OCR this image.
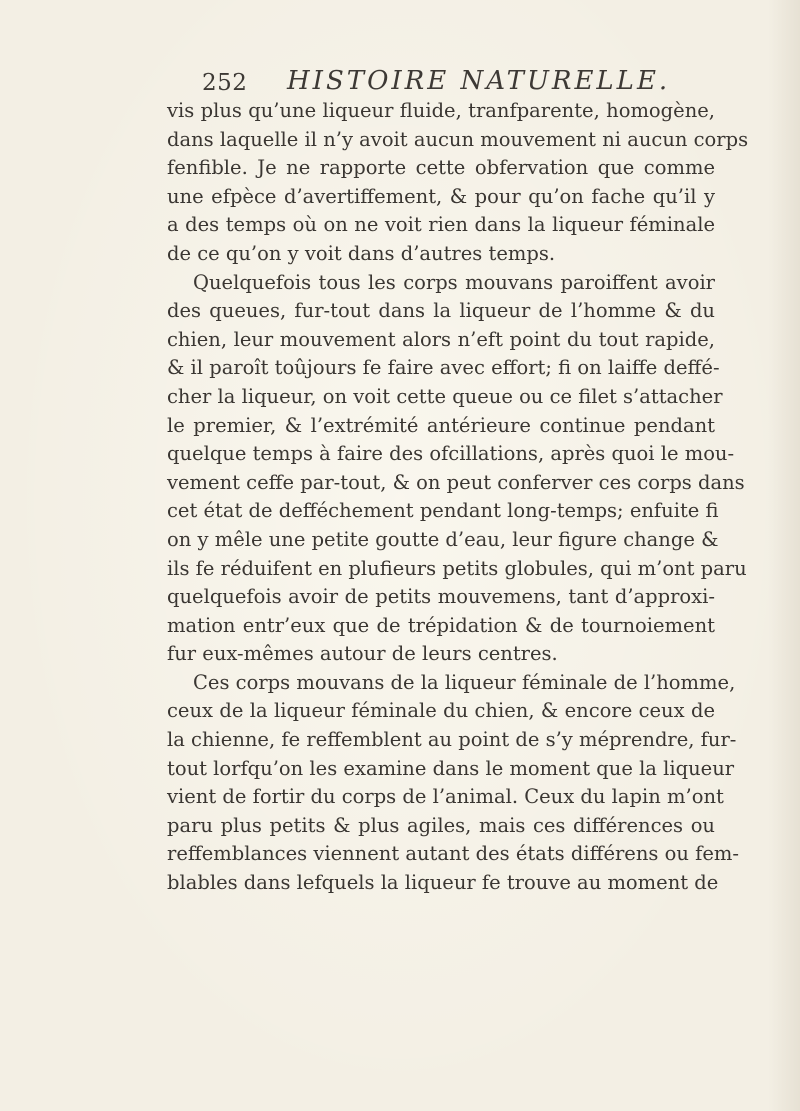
252 HISTOIRE NATURELLE.
vis plus qu’une liqueur fluide, tranfparente, homogène,
dans laquelle il n’y avoit aucun mouvement ni aucun corps
fenfible. Je ne rapporte cette obfervation que comme
une efpèce d’avertiffement, & pour qu’on fache qu’il y
a des temps où on ne voit rien dans la liqueur féminale
de ce qu’on y voit dans d’autres temps.
Quelquefois tous les corps mouvans paroiffent avoir
des queues, fur-tout dans la liqueur de l’homme & du
chien, leur mouvement alors n’eft point du tout rapide,
& il paroît toûjours fe faire avec effort; fi on laiffe deffé-
cher la liqueur, on voit cette queue ou ce filet s’attacher
le premier, & l’extrémité antérieure continue pendant
quelque temps à faire des ofcillations, après quoi le mou-
vement ceffe par-tout, & on peut conferver ces corps dans
cet état de defféchement pendant long-temps; enfuite fi
on y mêle une petite goutte d’eau, leur figure change &
ils fe réduifent en plufieurs petits globules, qui m’ont paru
quelquefois avoir de petits mouvemens, tant d’approxi-
mation entr’eux que de trépidation & de tournoiement
fur eux-mêmes autour de leurs centres.
Ces corps mouvans de la liqueur féminale de l’homme,
ceux de la liqueur féminale du chien, & encore ceux de
la chienne, fe reffemblent au point de s’y méprendre, fur-
tout lorfqu’on les examine dans le moment que la liqueur
vient de fortir du corps de l’animal. Ceux du lapin m’ont
paru plus petits & plus agiles, mais ces différences ou
reffemblances viennent autant des états différens ou fem-
blables dans lefquels la liqueur fe trouve au moment de
